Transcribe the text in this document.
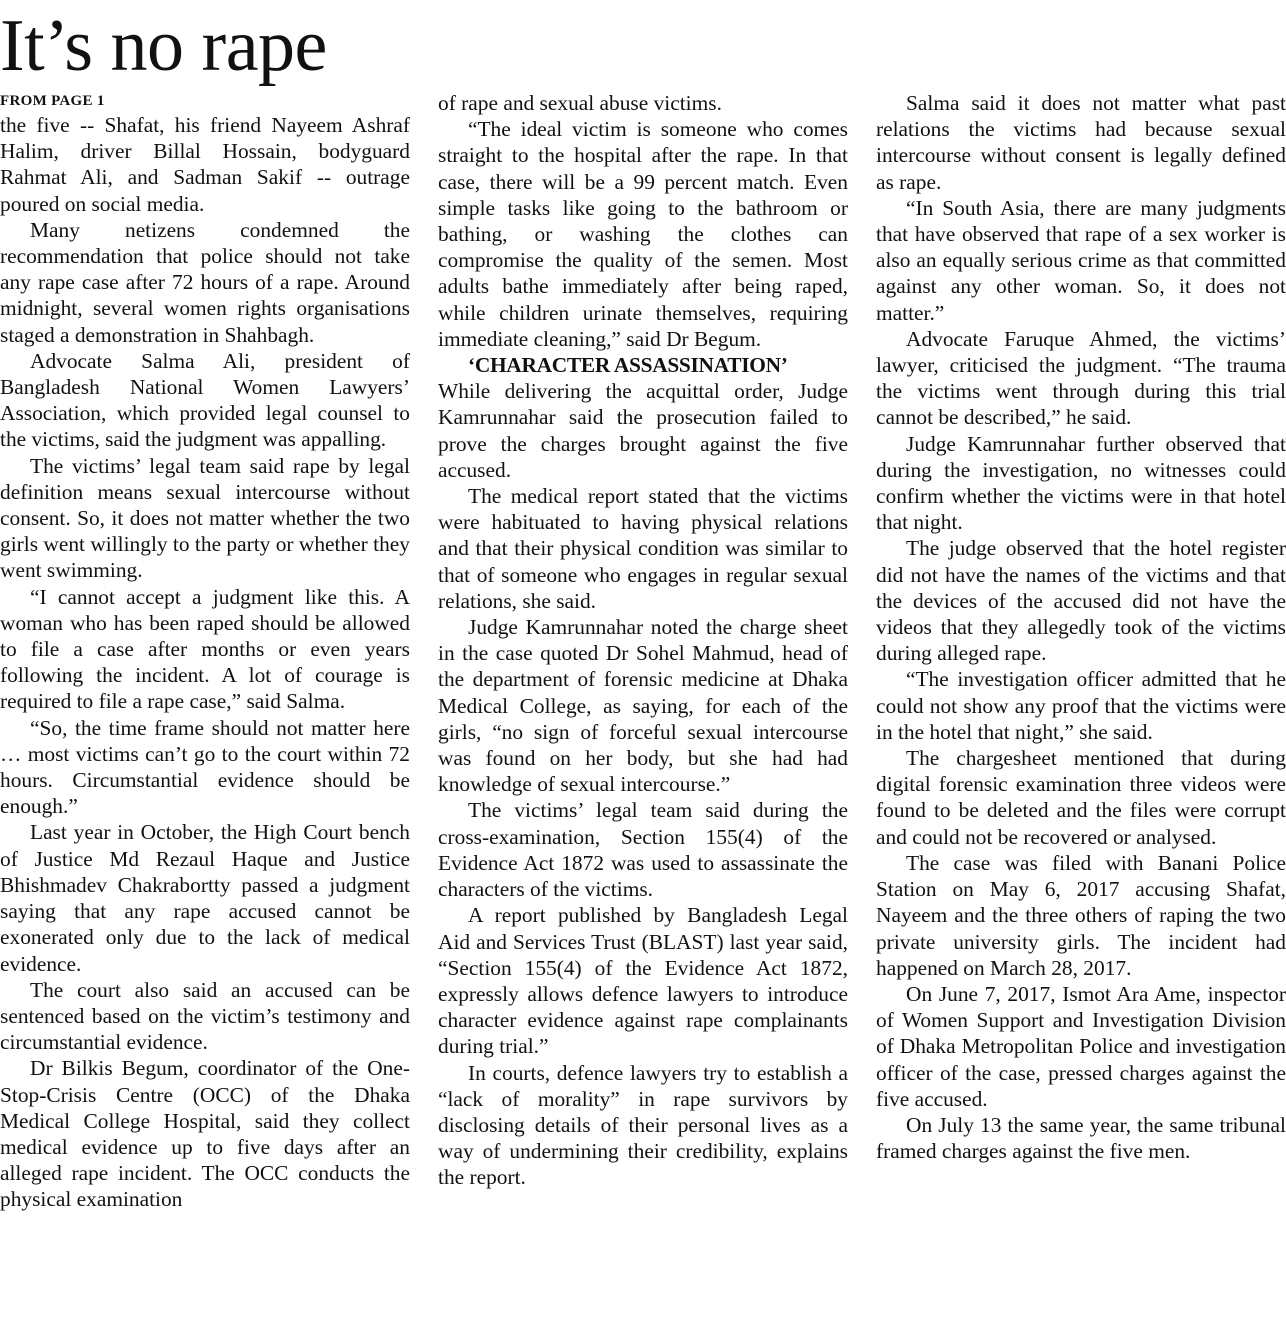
It’s no rape
FROM PAGE 1

the five -- Shafat, his friend Nayeem Ashraf Halim, driver Billal Hossain, bodyguard Rahmat Ali, and Sadman Sakif -- outrage poured on social media.

Many netizens condemned the recommendation that police should not take any rape case after 72 hours of a rape. Around midnight, several women rights organisations staged a demonstration in Shahbagh.

Advocate Salma Ali, president of Bangladesh National Women Lawyers’ Association, which provided legal counsel to the victims, said the judgment was appalling.

The victims’ legal team said rape by legal definition means sexual intercourse without consent. So, it does not matter whether the two girls went willingly to the party or whether they went swimming.

“I cannot accept a judgment like this. A woman who has been raped should be allowed to file a case after months or even years following the incident. A lot of courage is required to file a rape case,” said Salma.

“So, the time frame should not matter here … most victims can’t go to the court within 72 hours. Circumstantial evidence should be enough.”

Last year in October, the High Court bench of Justice Md Rezaul Haque and Justice Bhishmadev Chakrabortty passed a judgment saying that any rape accused cannot be exonerated only due to the lack of medical evidence.

The court also said an accused can be sentenced based on the victim’s testimony and circumstantial evidence.

Dr Bilkis Begum, coordinator of the One-Stop-Crisis Centre (OCC) of the Dhaka Medical College Hospital, said they collect medical evidence up to five days after an alleged rape incident. The OCC conducts the physical examination

of rape and sexual abuse victims.

“The ideal victim is someone who comes straight to the hospital after the rape. In that case, there will be a 99 percent match. Even simple tasks like going to the bathroom or bathing, or washing the clothes can compromise the quality of the semen. Most adults bathe immediately after being raped, while children urinate themselves, requiring immediate cleaning,” said Dr Begum.

‘CHARACTER ASSASSINATION’

While delivering the acquittal order, Judge Kamrunnahar said the prosecution failed to prove the charges brought against the five accused.

The medical report stated that the victims were habituated to having physical relations and that their physical condition was similar to that of someone who engages in regular sexual relations, she said.

Judge Kamrunnahar noted the charge sheet in the case quoted Dr Sohel Mahmud, head of the department of forensic medicine at Dhaka Medical College, as saying, for each of the girls, “no sign of forceful sexual intercourse was found on her body, but she had had knowledge of sexual intercourse.”

The victims’ legal team said during the cross-examination, Section 155(4) of the Evidence Act 1872 was used to assassinate the characters of the victims.

A report published by Bangladesh Legal Aid and Services Trust (BLAST) last year said, “Section 155(4) of the Evidence Act 1872, expressly allows defence lawyers to introduce character evidence against rape complainants during trial.”

In courts, defence lawyers try to establish a “lack of morality” in rape survivors by disclosing details of their personal lives as a way of undermining their credibility, explains the report.

Salma said it does not matter what past relations the victims had because sexual intercourse without consent is legally defined as rape.

“In South Asia, there are many judgments that have observed that rape of a sex worker is also an equally serious crime as that committed against any other woman. So, it does not matter.”

Advocate Faruque Ahmed, the victims’ lawyer, criticised the judgment. “The trauma the victims went through during this trial cannot be described,” he said.

Judge Kamrunnahar further observed that during the investigation, no witnesses could confirm whether the victims were in that hotel that night.

The judge observed that the hotel register did not have the names of the victims and that the devices of the accused did not have the videos that they allegedly took of the victims during alleged rape.

“The investigation officer admitted that he could not show any proof that the victims were in the hotel that night,” she said.

The chargesheet mentioned that during digital forensic examination three videos were found to be deleted and the files were corrupt and could not be recovered or analysed.

The case was filed with Banani Police Station on May 6, 2017 accusing Shafat, Nayeem and the three others of raping the two private university girls. The incident had happened on March 28, 2017.

On June 7, 2017, Ismot Ara Ame, inspector of Women Support and Investigation Division of Dhaka Metropolitan Police and investigation officer of the case, pressed charges against the five accused.

On July 13 the same year, the same tribunal framed charges against the five men.
